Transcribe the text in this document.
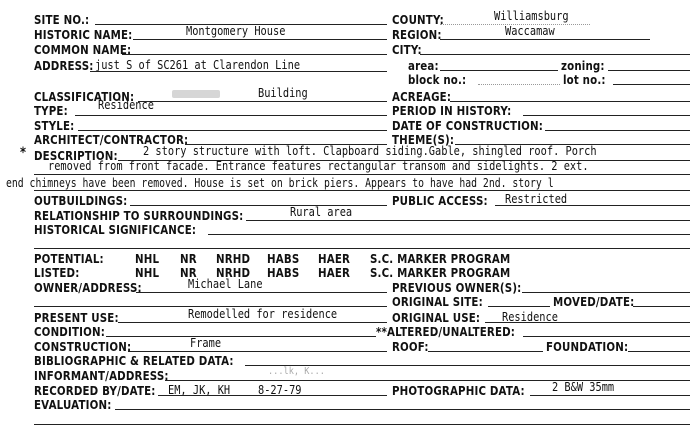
SITE NO.:
HISTORIC NAME:	Montgomery House
COMMON NAME:
ADDRESS: just S of SC261 at Clarendon Line
COUNTY:	Williamsburg
REGION:	Waccamaw
CITY:
area:	zoning:
block no.:	lot no.:
CLASSIFICATION:	Building
TYPE:	Residence
STYLE:
ARCHITECT/CONTRACTOR:
ACREAGE:
PERIOD IN HISTORY:
DATE OF CONSTRUCTION:
THEME(S):
* DESCRIPTION: 2 story structure with loft. Clapboard siding.Gable, shingled roof. Porch
removed from front facade. Entrance features rectangular transom and sidelights. 2 ext.
end chimneys have been removed. House is set on brick piers. Appears to have had 2nd. story l
OUTBUILDINGS:	PUBLIC ACCESS: Restricted
RELATIONSHIP TO SURROUNDINGS:	Rural area
HISTORICAL SIGNIFICANCE:
POTENTIAL: NHL NR NRHD HABS HAER S.C. MARKER PROGRAM
LISTED:	NHL NR NRHD HABS HAER S.C. MARKER PROGRAM
OWNER/ADDRESS:	Michael Lane	PREVIOUS OWNER(S):
ORIGINAL SITE:	MOVED/DATE:
PRESENT USE:	Remodelled for residence	ORIGINAL USE: Residence
CONDITION:	**ALTERED/UNALTERED:
CONSTRUCTION:	Frame	ROOF:	FOUNDATION:
BIBLIOGRAPHIC & RELATED DATA:
INFORMANT/ADDRESS:	...lk, K...
RECORDED BY/DATE: EM, JK, KH 8-27-79	PHOTOGRAPHIC DATA: 2 B&W 35mm
EVALUATION:
